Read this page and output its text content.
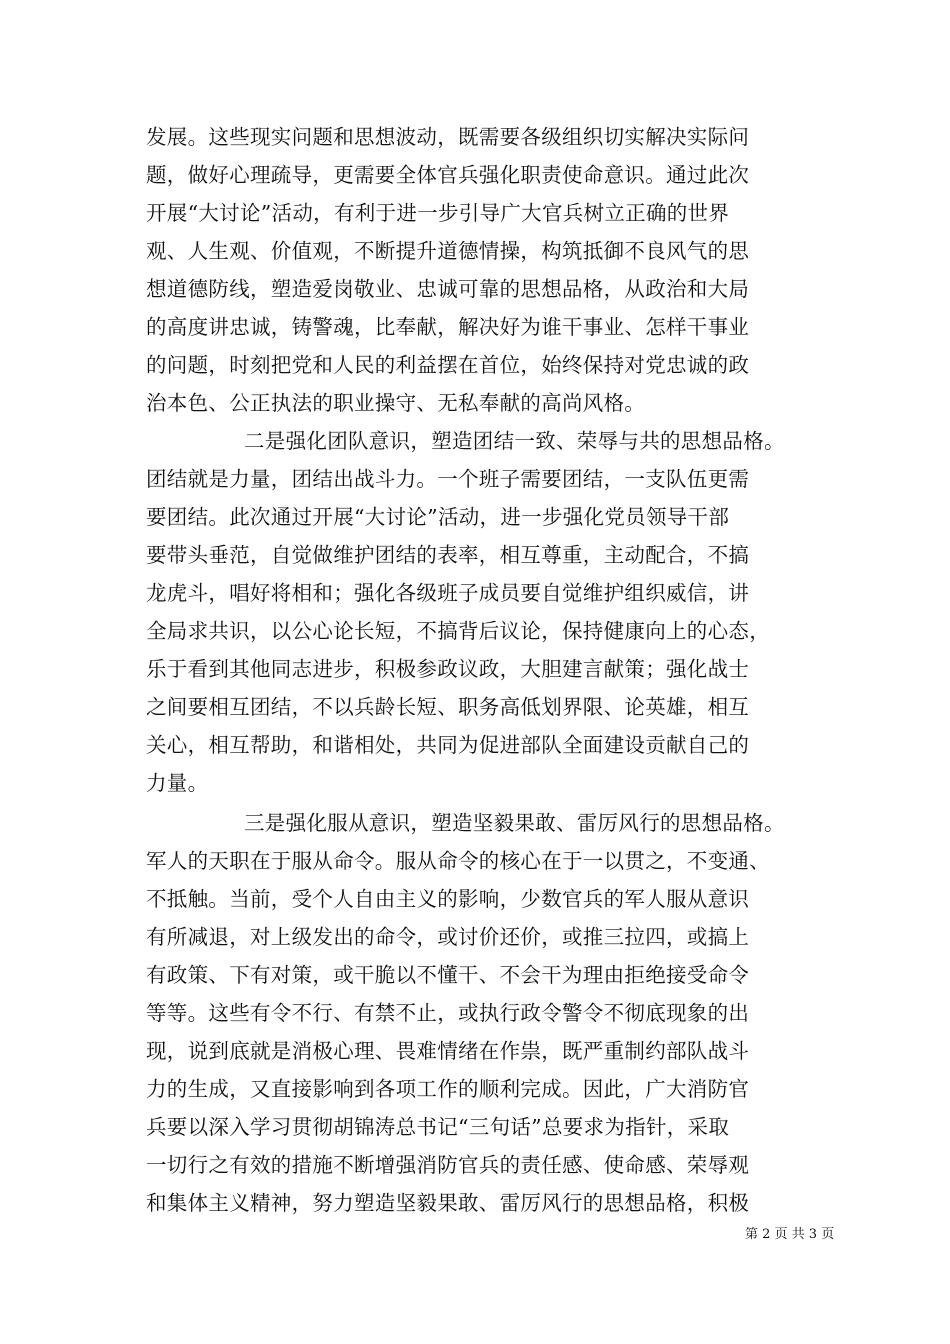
发展。这些现实问题和思想波动，既需要各级组织切实解决实际问
题，做好心理疏导，更需要全体官兵强化职责使命意识。通过此次
开展“大讨论”活动，有利于进一步引导广大官兵树立正确的世界
观、人生观、价值观，不断提升道德情操，构筑抵御不良风气的思
想道德防线，塑造爱岗敬业、忠诚可靠的思想品格，从政治和大局
的高度讲忠诚，铸警魂，比奉献，解决好为谁干事业、怎样干事业
的问题，时刻把党和人民的利益摆在首位，始终保持对党忠诚的政
治本色、公正执法的职业操守、无私奉献的高尚风格。
二是强化团队意识，塑造团结一致、荣辱与共的思想品格。
团结就是力量，团结出战斗力。一个班子需要团结，一支队伍更需
要团结。此次通过开展“大讨论”活动，进一步强化党员领导干部
要带头垂范，自觉做维护团结的表率，相互尊重，主动配合，不搞
龙虎斗，唱好将相和；强化各级班子成员要自觉维护组织威信，讲
全局求共识，以公心论长短，不搞背后议论，保持健康向上的心态，
乐于看到其他同志进步，积极参政议政，大胆建言献策；强化战士
之间要相互团结，不以兵龄长短、职务高低划界限、论英雄，相互
关心，相互帮助，和谐相处，共同为促进部队全面建设贡献自己的
力量。
三是强化服从意识，塑造坚毅果敢、雷厉风行的思想品格。
军人的天职在于服从命令。服从命令的核心在于一以贯之，不变通、
不抵触。当前，受个人自由主义的影响，少数官兵的军人服从意识
有所减退，对上级发出的命令，或讨价还价，或推三拉四，或搞上
有政策、下有对策，或干脆以不懂干、不会干为理由拒绝接受命令
等等。这些有令不行、有禁不止，或执行政令警令不彻底现象的出
现，说到底就是消极心理、畏难情绪在作祟，既严重制约部队战斗
力的生成，又直接影响到各项工作的顺利完成。因此，广大消防官
兵要以深入学习贯彻胡锦涛总书记“三句话”总要求为指针，采取
一切行之有效的措施不断增强消防官兵的责任感、使命感、荣辱观
和集体主义精神，努力塑造坚毅果敢、雷厉风行的思想品格，积极
第 2 页 共 3 页
